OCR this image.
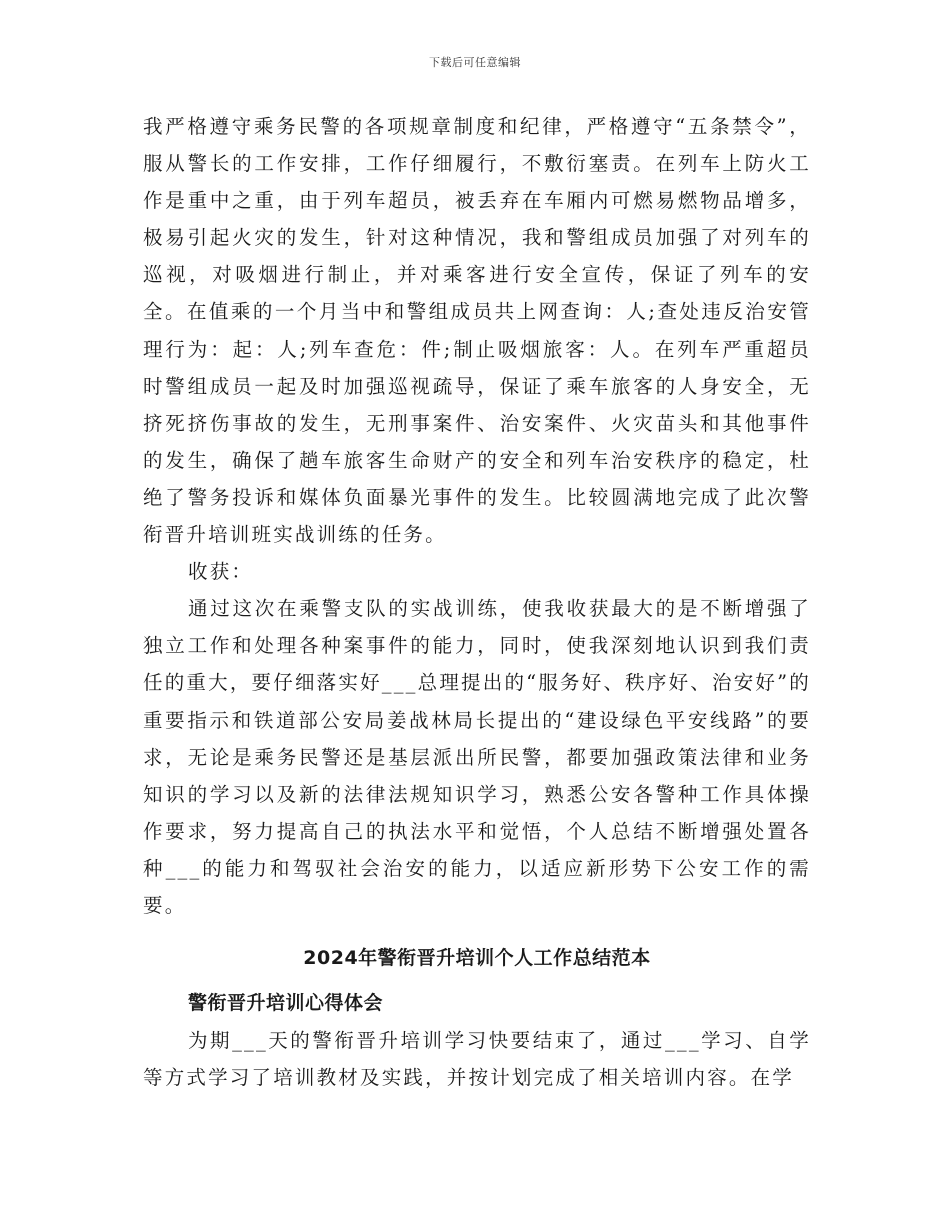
下载后可任意编辑

我严格遵守乘务民警的各项规章制度和纪律，严格遵守“五条禁令”，服从警长的工作安排，工作仔细履行，不敷衍塞责。在列车上防火工作是重中之重，由于列车超员，被丢弃在车厢内可燃易燃物品增多，极易引起火灾的发生，针对这种情况，我和警组成员加强了对列车的巡视，对吸烟进行制止，并对乘客进行安全宣传，保证了列车的安全。在值乘的一个月当中和警组成员共上网查询：人;查处违反治安管理行为：起：人;列车查危：件;制止吸烟旅客：人。在列车严重超员时警组成员一起及时加强巡视疏导，保证了乘车旅客的人身安全，无挤死挤伤事故的发生，无刑事案件、治安案件、火灾苗头和其他事件的发生，确保了趟车旅客生命财产的安全和列车治安秩序的稳定，杜绝了警务投诉和媒体负面暴光事件的发生。比较圆满地完成了此次警衔晋升培训班实战训练的任务。

收获：

通过这次在乘警支队的实战训练，使我收获最大的是不断增强了独立工作和处理各种案事件的能力，同时，使我深刻地认识到我们责任的重大，要仔细落实好___总理提出的“服务好、秩序好、治安好”的重要指示和铁道部公安局姜战林局长提出的“建设绿色平安线路”的要求，无论是乘务民警还是基层派出所民警，都要加强政策法律和业务知识的学习以及新的法律法规知识学习，熟悉公安各警种工作具体操作要求，努力提高自己的执法水平和觉悟，个人总结不断增强处置各种___的能力和驾驭社会治安的能力，以适应新形势下公安工作的需要。

2024年警衔晋升培训个人工作总结范本
警衔晋升培训心得体会

为期___天的警衔晋升培训学习快要结束了，通过___学习、自学等方式学习了培训教材及实践，并按计划完成了相关培训内容。在学
